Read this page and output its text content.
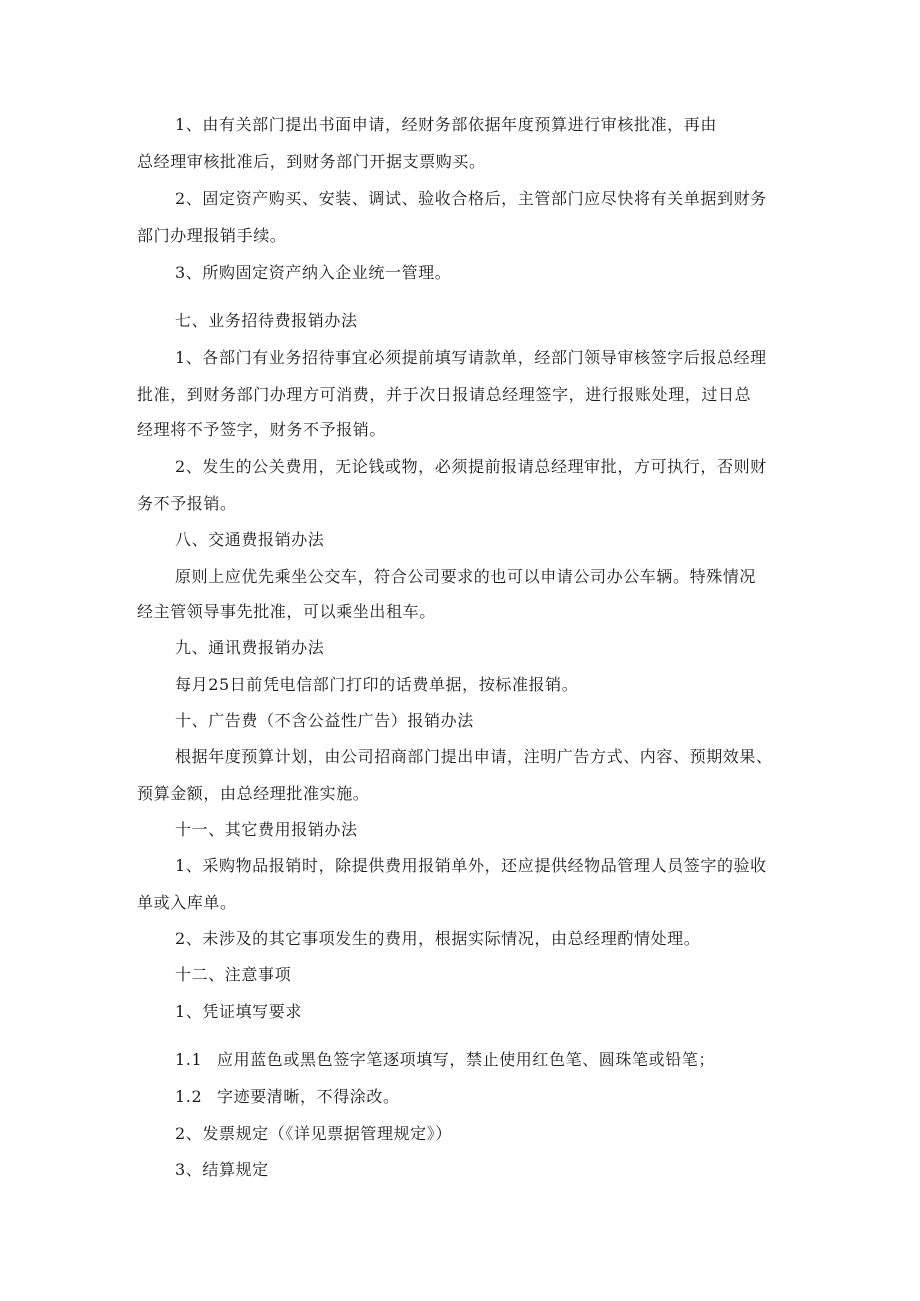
1、由有关部门提出书面申请，经财务部依据年度预算进行审核批准，再由
总经理审核批准后，到财务部门开据支票购买。
2、固定资产购买、安装、调试、验收合格后，主管部门应尽快将有关单据到财务
部门办理报销手续。
3、所购固定资产纳入企业统一管理。
七、业务招待费报销办法
1、各部门有业务招待事宜必须提前填写请款单，经部门领导审核签字后报总经理
批准，到财务部门办理方可消费，并于次日报请总经理签字，进行报账处理，过日总
经理将不予签字，财务不予报销。
2、发生的公关费用，无论钱或物，必须提前报请总经理审批，方可执行，否则财
务不予报销。
八、交通费报销办法
原则上应优先乘坐公交车，符合公司要求的也可以申请公司办公车辆。特殊情况
经主管领导事先批准，可以乘坐出租车。
九、通讯费报销办法
每月25日前凭电信部门打印的话费单据，按标准报销。
十、广告费（不含公益性广告）报销办法
根据年度预算计划，由公司招商部门提出申请，注明广告方式、内容、预期效果、
预算金额，由总经理批准实施。
十一、其它费用报销办法
1、采购物品报销时，除提供费用报销单外，还应提供经物品管理人员签字的验收
单或入库单。
2、未涉及的其它事项发生的费用，根据实际情况，由总经理酌情处理。
十二、注意事项
1、凭证填写要求
1.1 应用蓝色或黑色签字笔逐项填写，禁止使用红色笔、圆珠笔或铅笔；
1.2 字迹要清晰，不得涂改。
2、发票规定（《详见票据管理规定》）
3、结算规定
